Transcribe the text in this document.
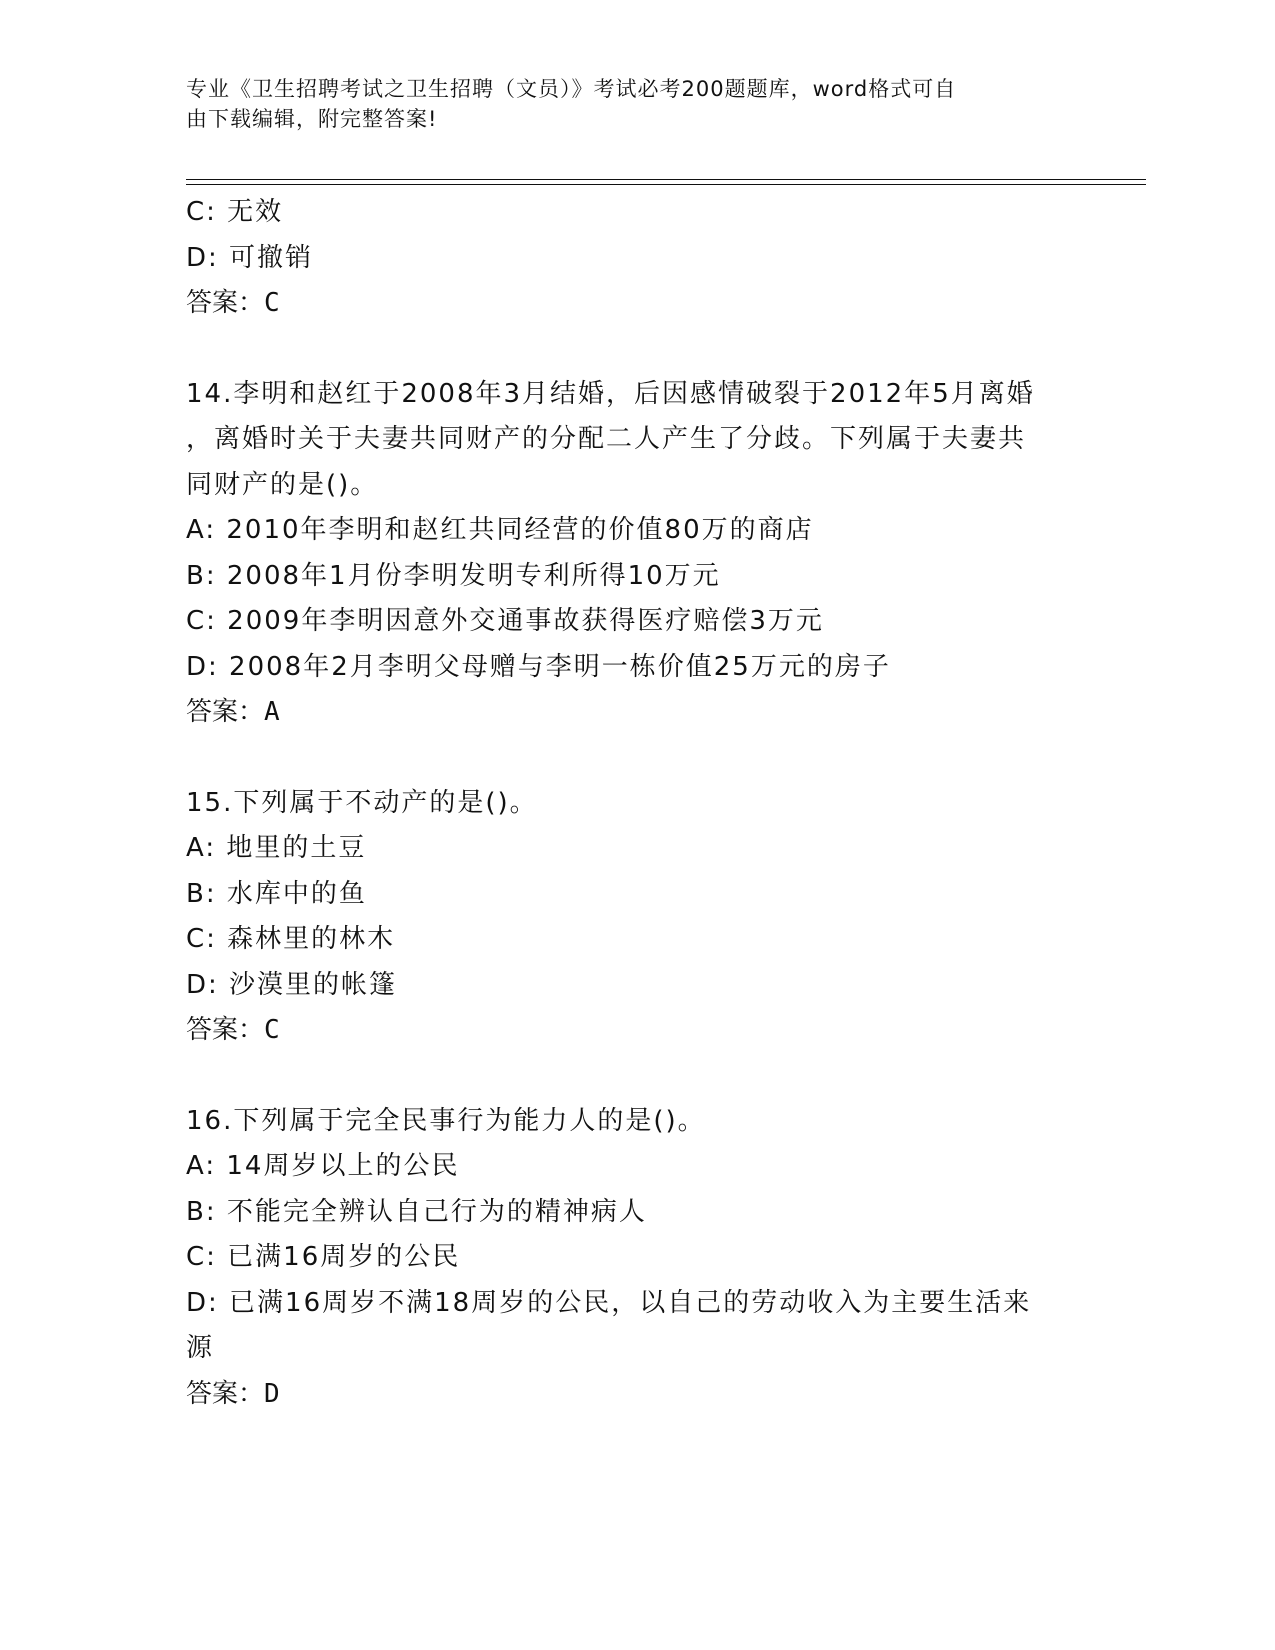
专业《卫生招聘考试之卫生招聘（文员）》考试必考200题题库，word格式可自
由下载编辑，附完整答案!
C: 无效
D: 可撤销
答案：C
14.李明和赵红于2008年3月结婚，后因感情破裂于2012年5月离婚
，离婚时关于夫妻共同财产的分配二人产生了分歧。下列属于夫妻共
同财产的是()。
A: 2010年李明和赵红共同经营的价值80万的商店
B: 2008年1月份李明发明专利所得10万元
C: 2009年李明因意外交通事故获得医疗赔偿3万元
D: 2008年2月李明父母赠与李明一栋价值25万元的房子
答案：A
15.下列属于不动产的是()。
A: 地里的土豆
B: 水库中的鱼
C: 森林里的林木
D: 沙漠里的帐篷
答案：C
16.下列属于完全民事行为能力人的是()。
A: 14周岁以上的公民
B: 不能完全辨认自己行为的精神病人
C: 已满16周岁的公民
D: 已满16周岁不满18周岁的公民，以自己的劳动收入为主要生活来
源
答案：D
